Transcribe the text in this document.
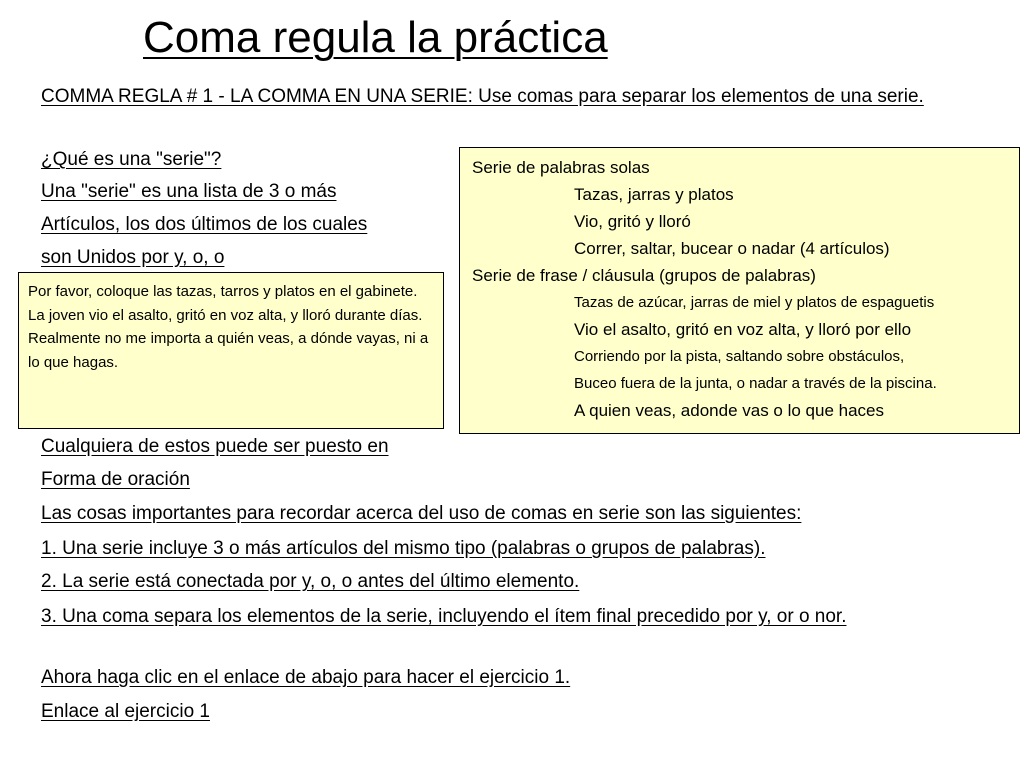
Coma regula la práctica
COMMA REGLA # 1 - LA COMMA EN UNA SERIE: Use comas para separar los elementos de una serie.
¿Qué es una "serie"?
Una "serie" es una lista de 3 o más
Artículos, los dos últimos de los cuales
son Unidos por y, o, o
Cualquiera de estos puede ser puesto en
Forma de oración
Las cosas importantes para recordar acerca del uso de comas en serie son las siguientes:
1. Una serie incluye 3 o más artículos del mismo tipo (palabras o grupos de palabras).
2. La serie está conectada por y, o, o antes del último elemento.
3. Una coma separa los elementos de la serie, incluyendo el ítem final precedido por y, or o nor.
Ahora haga clic en el enlace de abajo para hacer el ejercicio 1.
Enlace al ejercicio 1
Serie de palabras solas
Tazas, jarras y platos
Vio, gritó y lloró
Correr, saltar, bucear o nadar (4 artículos)
Serie de frase / cláusula (grupos de palabras)
Tazas de azúcar, jarras de miel y platos de espaguetis
Vio el asalto, gritó en voz alta, y lloró por ello
Corriendo por la pista, saltando sobre obstáculos,
Buceo fuera de la junta, o nadar a través de la piscina.
A quien veas, adonde vas o lo que haces
Por favor, coloque las tazas, tarros y platos en el gabinete.
La joven vio el asalto, gritó en voz alta, y lloró durante días.
Realmente no me importa a quién veas, a dónde vayas, ni a lo que hagas.
